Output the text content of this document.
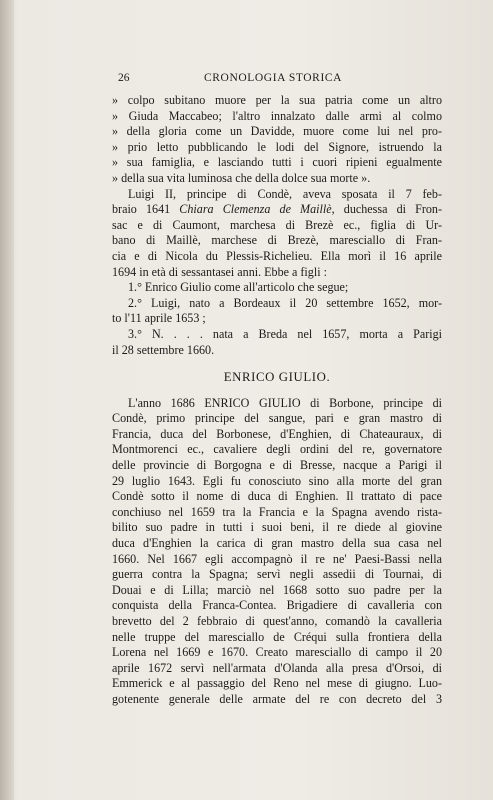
26	CRONOLOGIA STORICA
» colpo subitano muore per la sua patria come un altro
» Giuda Maccabeo; l'altro innalzato dalle armi al colmo
» della gloria come un Davidde, muore come lui nel pro-
» prio letto pubblicando le lodi del Signore, istruendo la
» sua famiglia, e lasciando tutti i cuori ripieni egualmente
» della sua vita luminosa che della dolce sua morte ».
Luigi II, principe di Condè, aveva sposata il 7 feb-
braio 1641 Chiara Clemenza de Maillè, duchessa di Fron-
sac e di Caumont, marchesa di Brezè ec., figlia di Ur-
bano di Maillè, marchese di Brezè, maresciallo di Fran-
cia e di Nicola du Plessis-Richelieu. Ella morì il 16 aprile
1694 in età di sessantasei anni. Ebbe a figli :
1.° Enrico Giulio come all'articolo che segue;
2.° Luigi, nato a Bordeaux il 20 settembre 1652, mor-
to l'11 aprile 1653 ;
3.° N. . . . nata a Breda nel 1657, morta a Parigi
il 28 settembre 1660.
ENRICO GIULIO.
L'anno 1686 ENRICO GIULIO di Borbone, principe di
Condè, primo principe del sangue, pari e gran mastro di
Francia, duca del Borbonese, d'Enghien, di Chateauraux, di
Montmorenci ec., cavaliere degli ordini del re, governatore
delle provincie di Borgogna e di Bresse, nacque a Parigi il
29 luglio 1643. Egli fu conosciuto sino alla morte del gran
Condè sotto il nome di duca di Enghien. Il trattato di pace
conchiuso nel 1659 tra la Francia e la Spagna avendo rista-
bilito suo padre in tutti i suoi beni, il re diede al giovine
duca d'Enghien la carica di gran mastro della sua casa nel
1660. Nel 1667 egli accompagnò il re ne' Paesi-Bassi nella
guerra contra la Spagna; servì negli assedii di Tournai, di
Douai e di Lilla; marciò nel 1668 sotto suo padre per la
conquista della Franca-Contea. Brigadiere di cavalleria con
brevetto del 2 febbraio di quest'anno, comandò la cavalleria
nelle truppe del maresciallo de Créqui sulla frontiera della
Lorena nel 1669 e 1670. Creato maresciallo di campo il 20
aprile 1672 servì nell'armata d'Olanda alla presa d'Orsoi, di
Emmerick e al passaggio del Reno nel mese di giugno. Luo-
gotenente generale delle armate del re con decreto del 3
